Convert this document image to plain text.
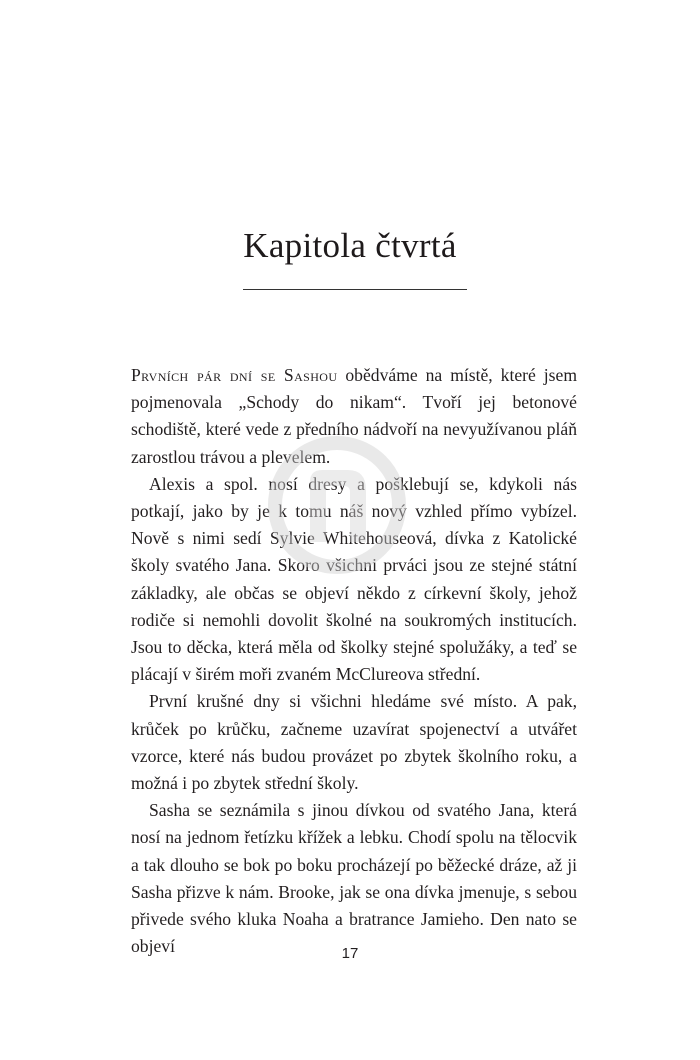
Kapitola čtvrtá

Prvních pár dní se Sashou obědváme na místě, které jsem pojmenovala „Schody do nikam“. Tvoří jej betonové schodiště, které vede z předního nádvoří na nevyužívanou pláň zarostlou trávou a plevelem.

Alexis a spol. nosí dresy a pošklebují se, kdykoli nás potkají, jako by je k tomu náš nový vzhled přímo vybízel. Nově s nimi sedí Sylvie Whitehouseová, dívka z Katolické školy svatého Jana. Skoro všichni prváci jsou ze stejné státní základky, ale občas se objeví někdo z církevní školy, jehož rodiče si nemohli dovolit školné na soukromých institucích. Jsou to děcka, která měla od školky stejné spolužáky, a teď se plácají v širém moři zvaném McClureova střední.

První krušné dny si všichni hledáme své místo. A pak, krůček po krůčku, začneme uzavírat spojenectví a utvářet vzorce, které nás budou provázet po zbytek školního roku, a možná i po zbytek střední školy.

Sasha se seznámila s jinou dívkou od svatého Jana, která nosí na jednom řetízku křížek a lebku. Chodí spolu na tělocvik a tak dlouho se bok po boku procházejí po běžecké dráze, až ji Sasha přizve k nám. Brooke, jak se ona dívka jmenuje, s sebou přivede svého kluka Noaha a bratrance Jamieho. Den nato se objeví	17
